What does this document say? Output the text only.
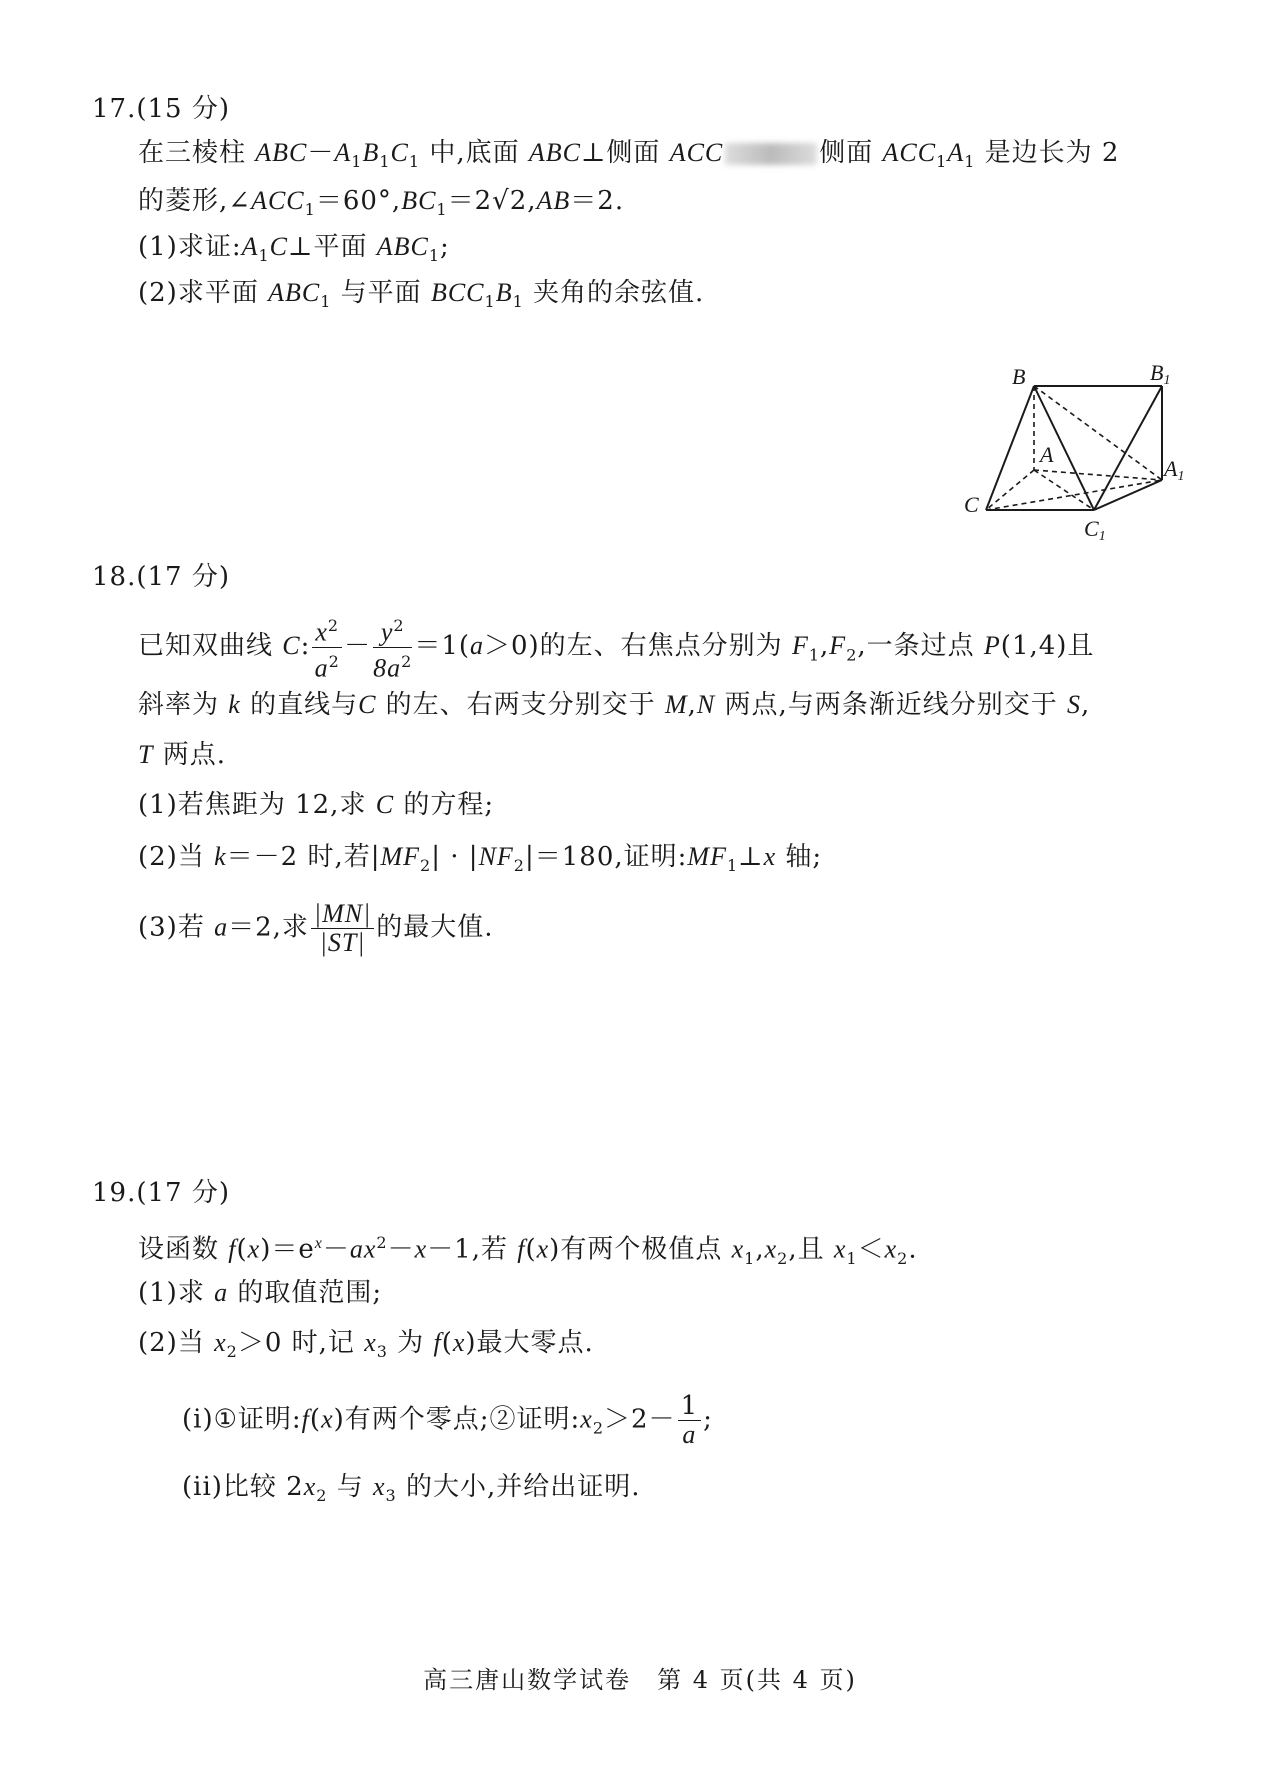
17.(15 分)
在三棱柱 $ABC-A_1B_1C_1$ 中,底面 ABC⊥侧面 ACC	侧面 $ACC_1A_1$ 是边长为 2
的菱形$,\angle ACC_1=60^\circ,BC_1=2√2,AB=2$.
(1)求证$:A_1C\perp$平面 $ABC_1$;
(2)求平面 $ABC_1$ 与平面 $BCC_1B_1$ 夹角的余弦值.
B	B1
A
A1
C
C1
18.(17 分)
已知双曲线 C: $\frac{x^2}{a^2} - \frac{y^2}{8a^2} =1(a>0)$的左、右焦点分别为 $F_1,F_2$,一条过点 P(1,4)且
斜率为 k 的直线与C 的左、右两支分别交于 M,N 两点,与两条渐近线分别交于 S,
T 两点.
(1)若焦距为 12,求 C 的方程;
(2)当 k＝－2 时,若$|MF_2| \cdot |NF_2|=180$,证明$:MF_1\perp x$ 轴;
(3)若 a＝2,求 $\frac{|MN|}{|ST|}$ 的最大值.
19.(17 分)
设函数 $f(x)=e^x-ax^2-x-1$,若 f(x)有两个极值点 $x_1,x_2$,且 $x_1<x_2$.
(1)求 a 的取值范围;
(2)当 $x_2>0$ 时,记 $x_3$ 为 f(x)最大零点.
(i)①证明:f(x)有两个零点;②证明$:x_2>2- \frac{1}{a}$ ;
(ii)比较 $2x_2$ 与 $x_3$ 的大小,并给出证明.
高三唐山数学试卷　第 4 页(共 4 页)
